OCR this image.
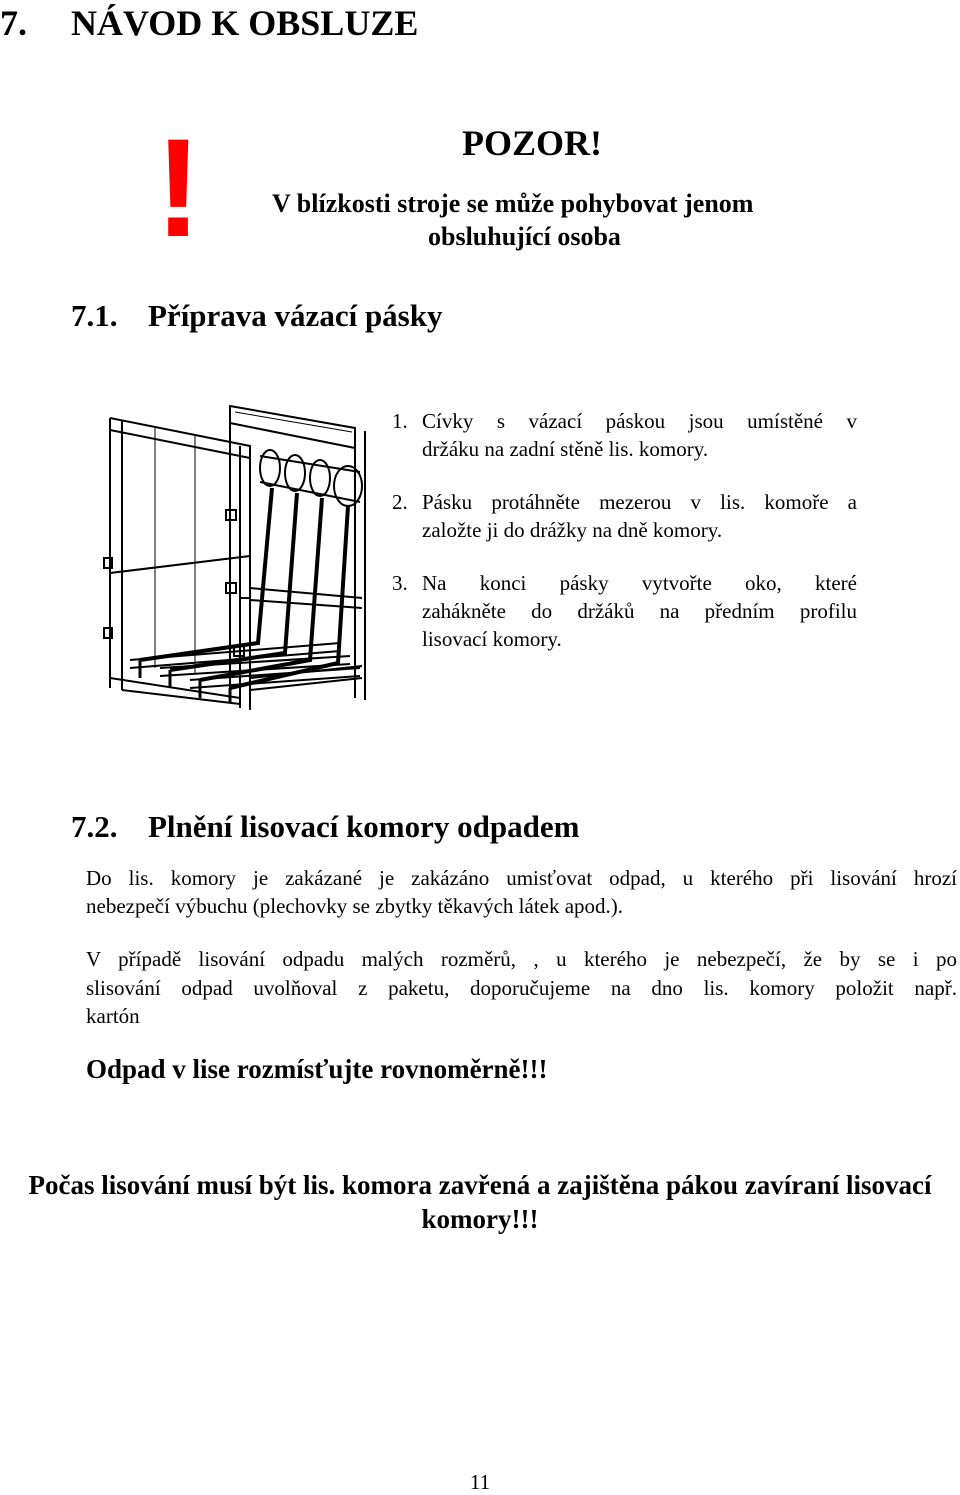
7. NÁVOD K OBSLUZE
!	POZOR!
V blízkosti stroje se může pohybovat jenom
obsluhující osoba
7.1. Příprava vázací pásky
1. Cívky s vázací páskou jsou umístěné v
držáku na zadní stěně lis. komory.
2. Pásku protáhněte mezerou v lis. komoře a
založte ji do drážky na dně komory.
3. Na konci pásky vytvořte oko, které
zahákněte do držáků na předním profilu
lisovací komory.
7.2. Plnění lisovací komory odpadem
Do lis. komory je zakázané je zakázáno umisťovat odpad, u kterého při lisování hrozí
nebezpečí výbuchu (plechovky se zbytky těkavých látek apod.).
V případě lisování odpadu malých rozměrů, , u kterého je nebezpečí, že by se i po
slisování odpad uvolňoval z paketu, doporučujeme na dno lis. komory položit např.
kartón
Odpad v lise rozmísťujte rovnoměrně!!!
Počas lisování musí být lis. komora zavřená a zajištěna pákou zavíraní lisovací
komory!!!
11
